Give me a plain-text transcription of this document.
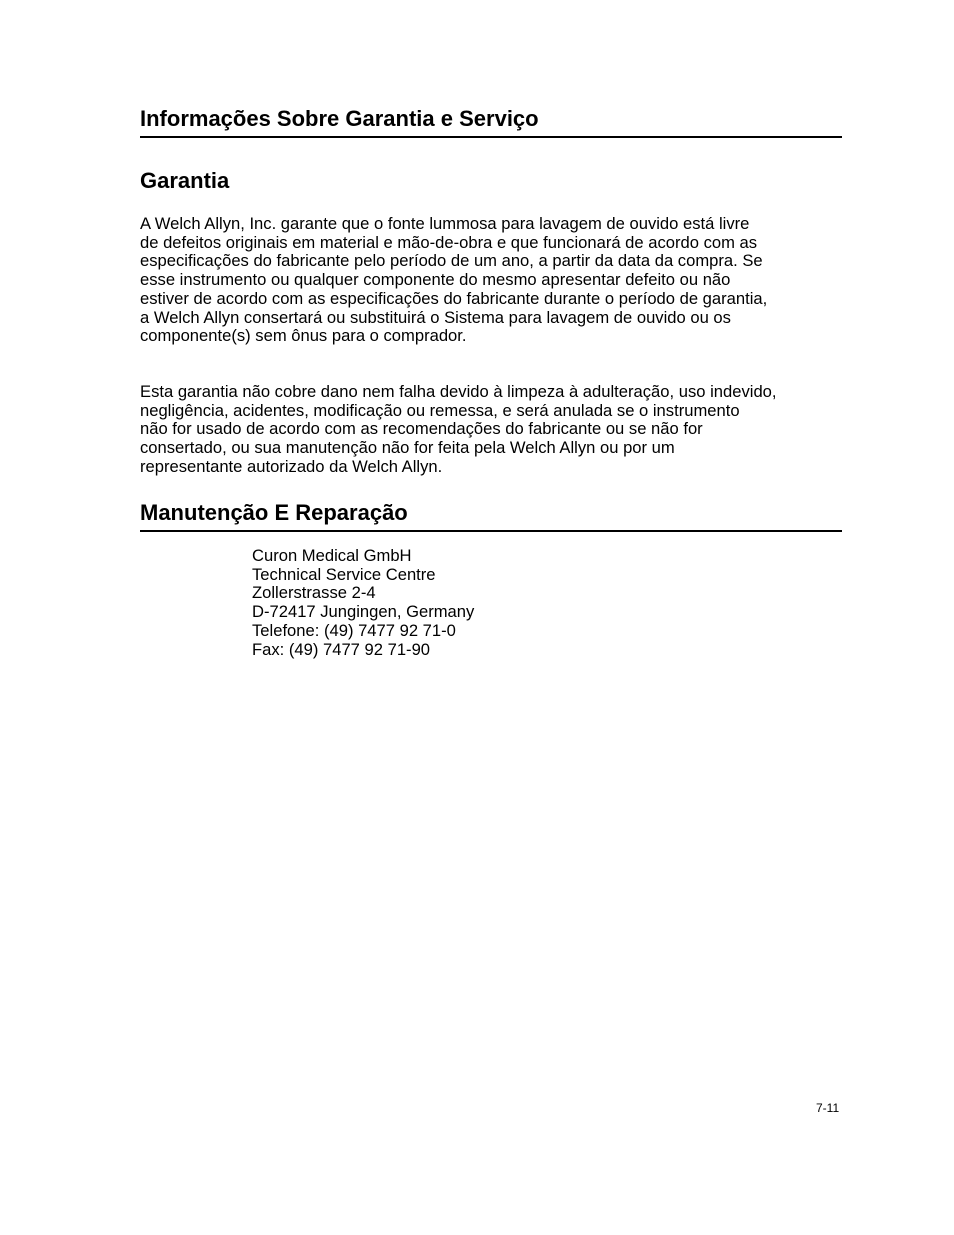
Informações Sobre Garantia e Serviço
Garantia

A Welch Allyn, Inc. garante que o fonte lummosa para lavagem de ouvido está livre
de defeitos originais em material e mão-de-obra e que funcionará de acordo com as
especificações do fabricante pelo período de um ano, a partir da data da compra. Se
esse instrumento ou qualquer componente do mesmo apresentar defeito ou não
estiver de acordo com as especificações do fabricante durante o período de garantia,
a Welch Allyn consertará ou substituirá o Sistema para lavagem de ouvido ou os
componente(s) sem ônus para o comprador.

Esta garantia não cobre dano nem falha devido à limpeza à adulteração, uso indevido,
negligência, acidentes, modificação ou remessa, e será anulada se o instrumento
não for usado de acordo com as recomendações do fabricante ou se não for
consertado, ou sua manutenção não for feita pela Welch Allyn ou por um
representante autorizado da Welch Allyn.

Manutenção E Reparação
Curon Medical GmbH
Technical Service Centre
Zollerstrasse 2-4
D-72417 Jungingen, Germany
Telefone: (49) 7477 92 71-0
Fax: (49) 7477 92 71-90
7-11
